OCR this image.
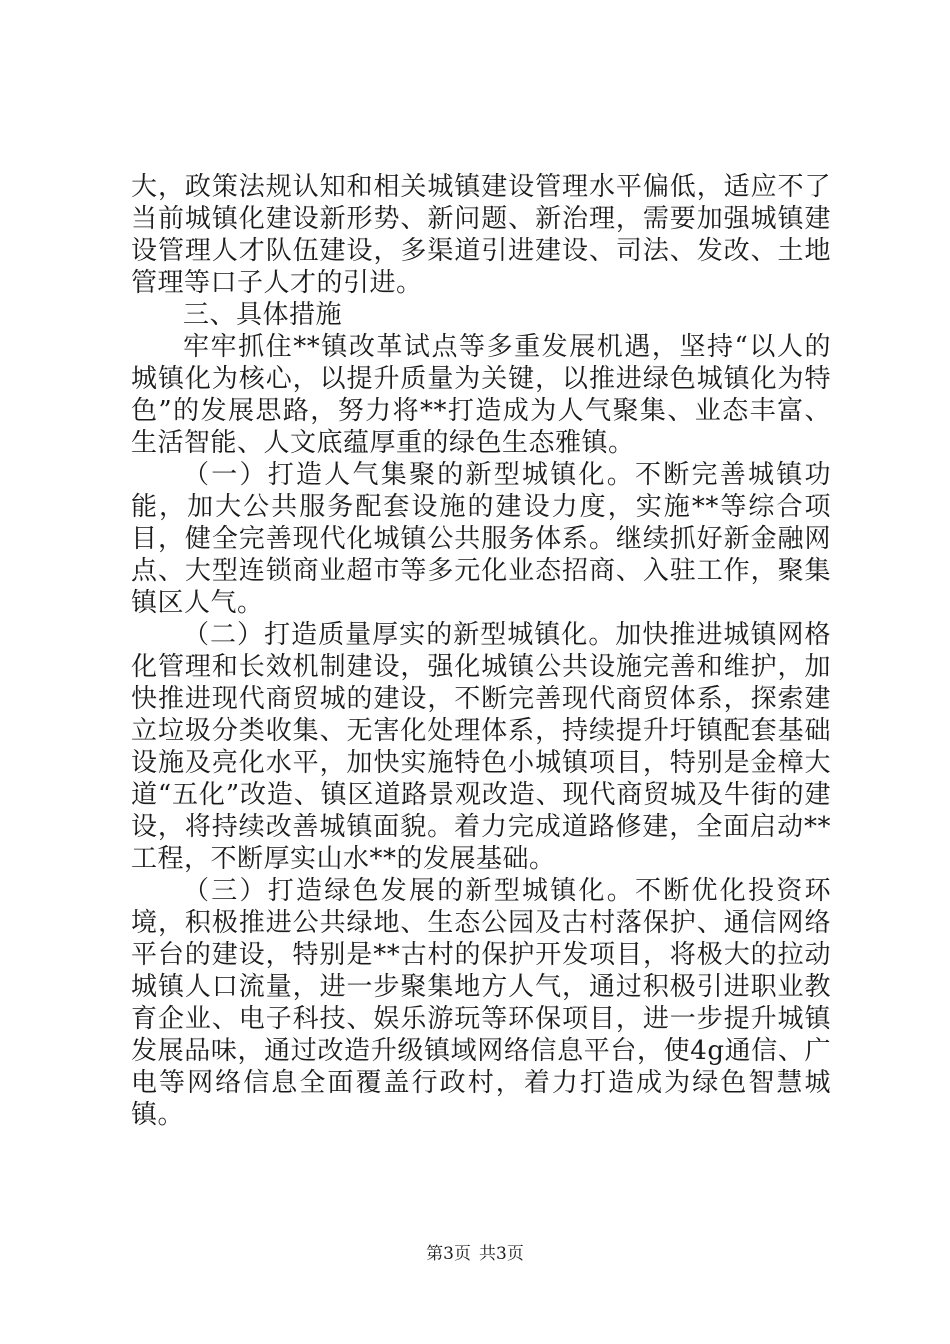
大，政策法规认知和相关城镇建设管理水平偏低，适应不了当前城镇化建设新形势、新问题、新治理，需要加强城镇建设管理人才队伍建设，多渠道引进建设、司法、发改、土地管理等口子人才的引进。

三、具体措施

牢牢抓住**镇改革试点等多重发展机遇，坚持“以人的城镇化为核心，以提升质量为关键，以推进绿色城镇化为特色”的发展思路，努力将**打造成为人气聚集、业态丰富、生活智能、人文底蕴厚重的绿色生态雅镇。

（一）打造人气集聚的新型城镇化。不断完善城镇功能，加大公共服务配套设施的建设力度，实施**等综合项目，健全完善现代化城镇公共服务体系。继续抓好新金融网点、大型连锁商业超市等多元化业态招商、入驻工作，聚集镇区人气。

（二）打造质量厚实的新型城镇化。加快推进城镇网格化管理和长效机制建设，强化城镇公共设施完善和维护，加快推进现代商贸城的建设，不断完善现代商贸体系，探索建立垃圾分类收集、无害化处理体系，持续提升圩镇配套基础设施及亮化水平，加快实施特色小城镇项目，特别是金樟大道“五化”改造、镇区道路景观改造、现代商贸城及牛街的建设，将持续改善城镇面貌。着力完成道路修建，全面启动**工程，不断厚实山水**的发展基础。

（三）打造绿色发展的新型城镇化。不断优化投资环境，积极推进公共绿地、生态公园及古村落保护、通信网络平台的建设，特别是**古村的保护开发项目，将极大的拉动城镇人口流量，进一步聚集地方人气，通过积极引进职业教育企业、电子科技、娱乐游玩等环保项目，进一步提升城镇发展品味，通过改造升级镇域网络信息平台，使4g通信、广电等网络信息全面覆盖行政村，着力打造成为绿色智慧城镇。

第3页 共3页
